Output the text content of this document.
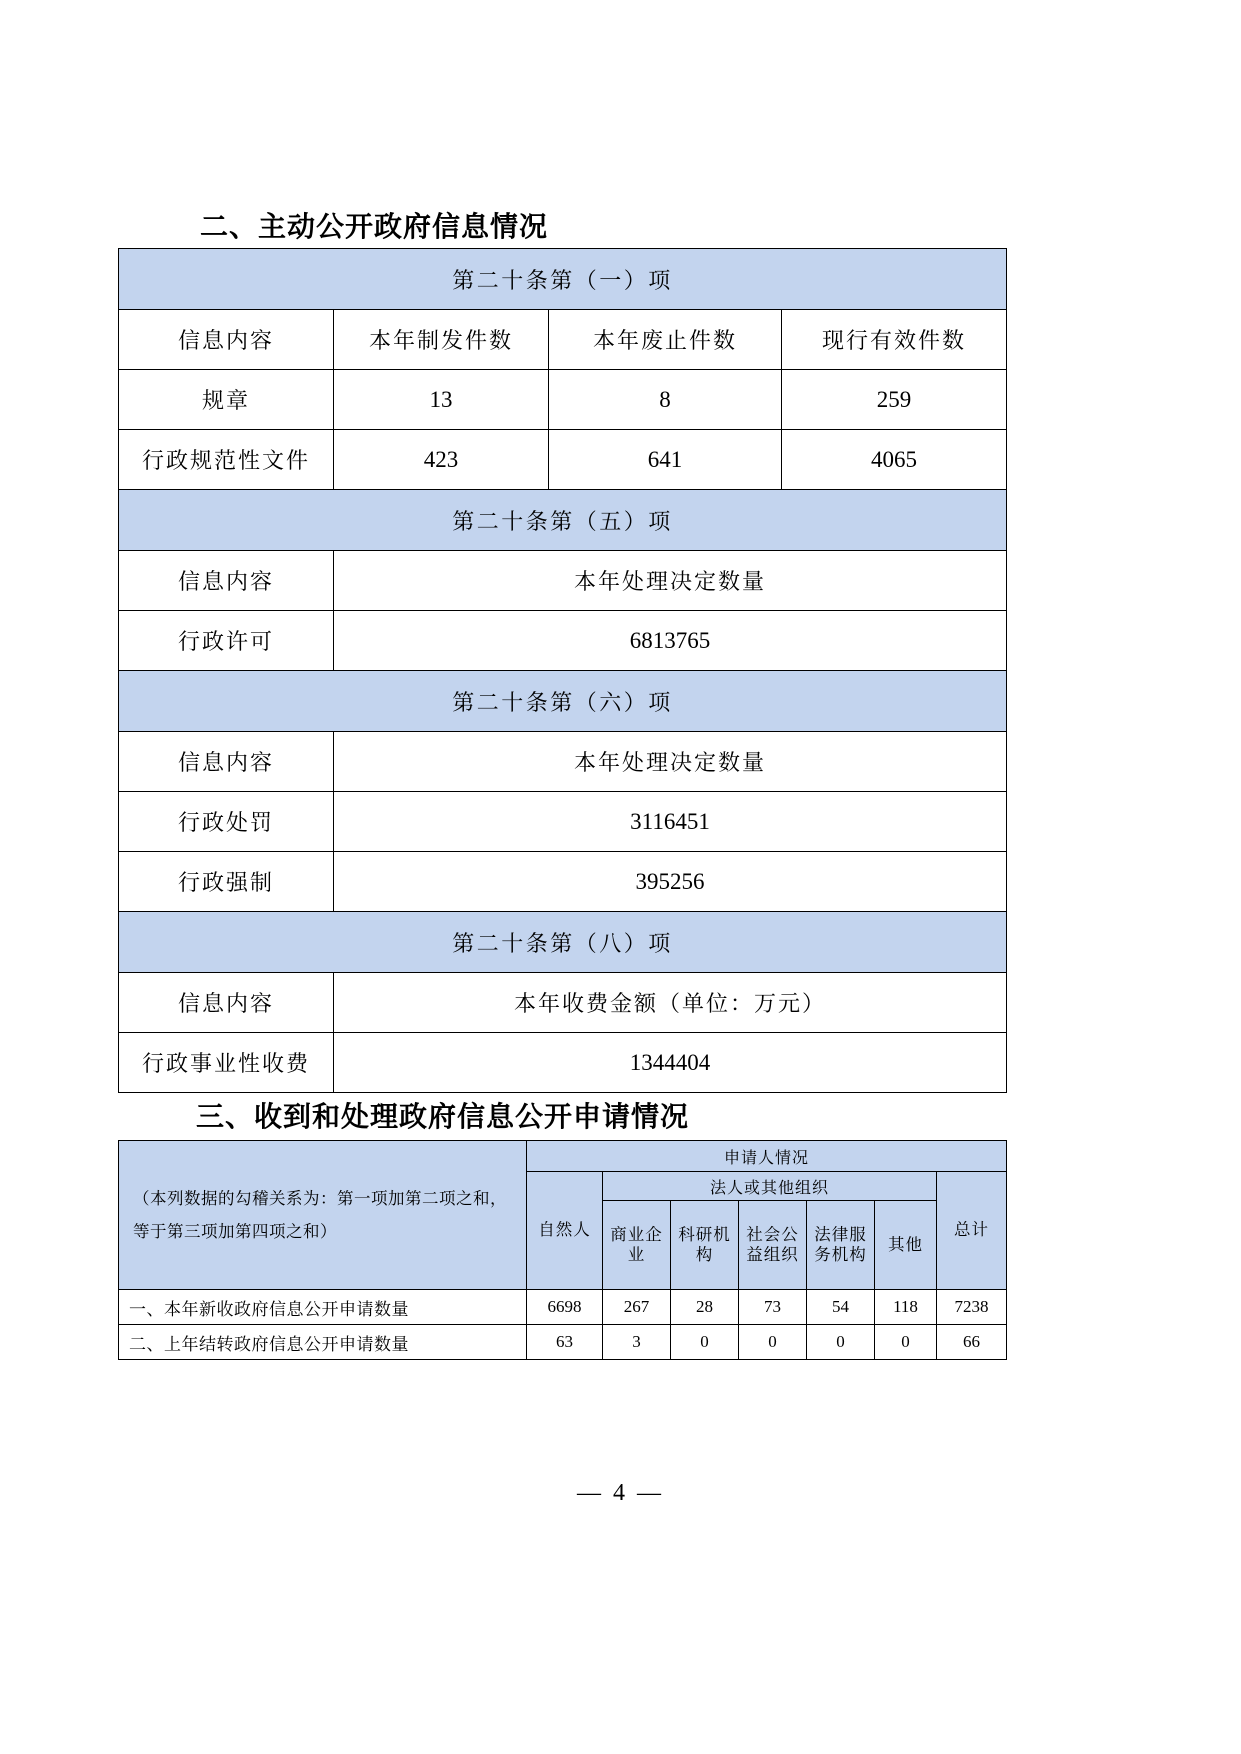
二、主动公开政府信息情况
第二十条第（一）项			
信息内容	本年制发件数	本年废止件数	现行有效件数
规章	13	8	259
行政规范性文件	423	641	4065
第二十条第（五）项			
信息内容	本年处理决定数量		
行政许可	6813765		
第二十条第（六）项			
信息内容	本年处理决定数量		
行政处罚	3116451		
行政强制	395256		
第二十条第（八）项			
信息内容	本年收费金额（单位：万元）		
行政事业性收费	1344404		
三、收到和处理政府信息公开申请情况
（本列数据的勾稽关系为：第一项加第二项之和，等于第三项加第四项之和）	申请人情况						
	自然人	法人或其他组织					总计
		商业企业	科研机构	社会公益组织	法律服务机构	其他	
一、本年新收政府信息公开申请数量	6698	267	28	73	54	118	7238
二、上年结转政府信息公开申请数量	63	3	0	0	0	0	66
— 4 —
